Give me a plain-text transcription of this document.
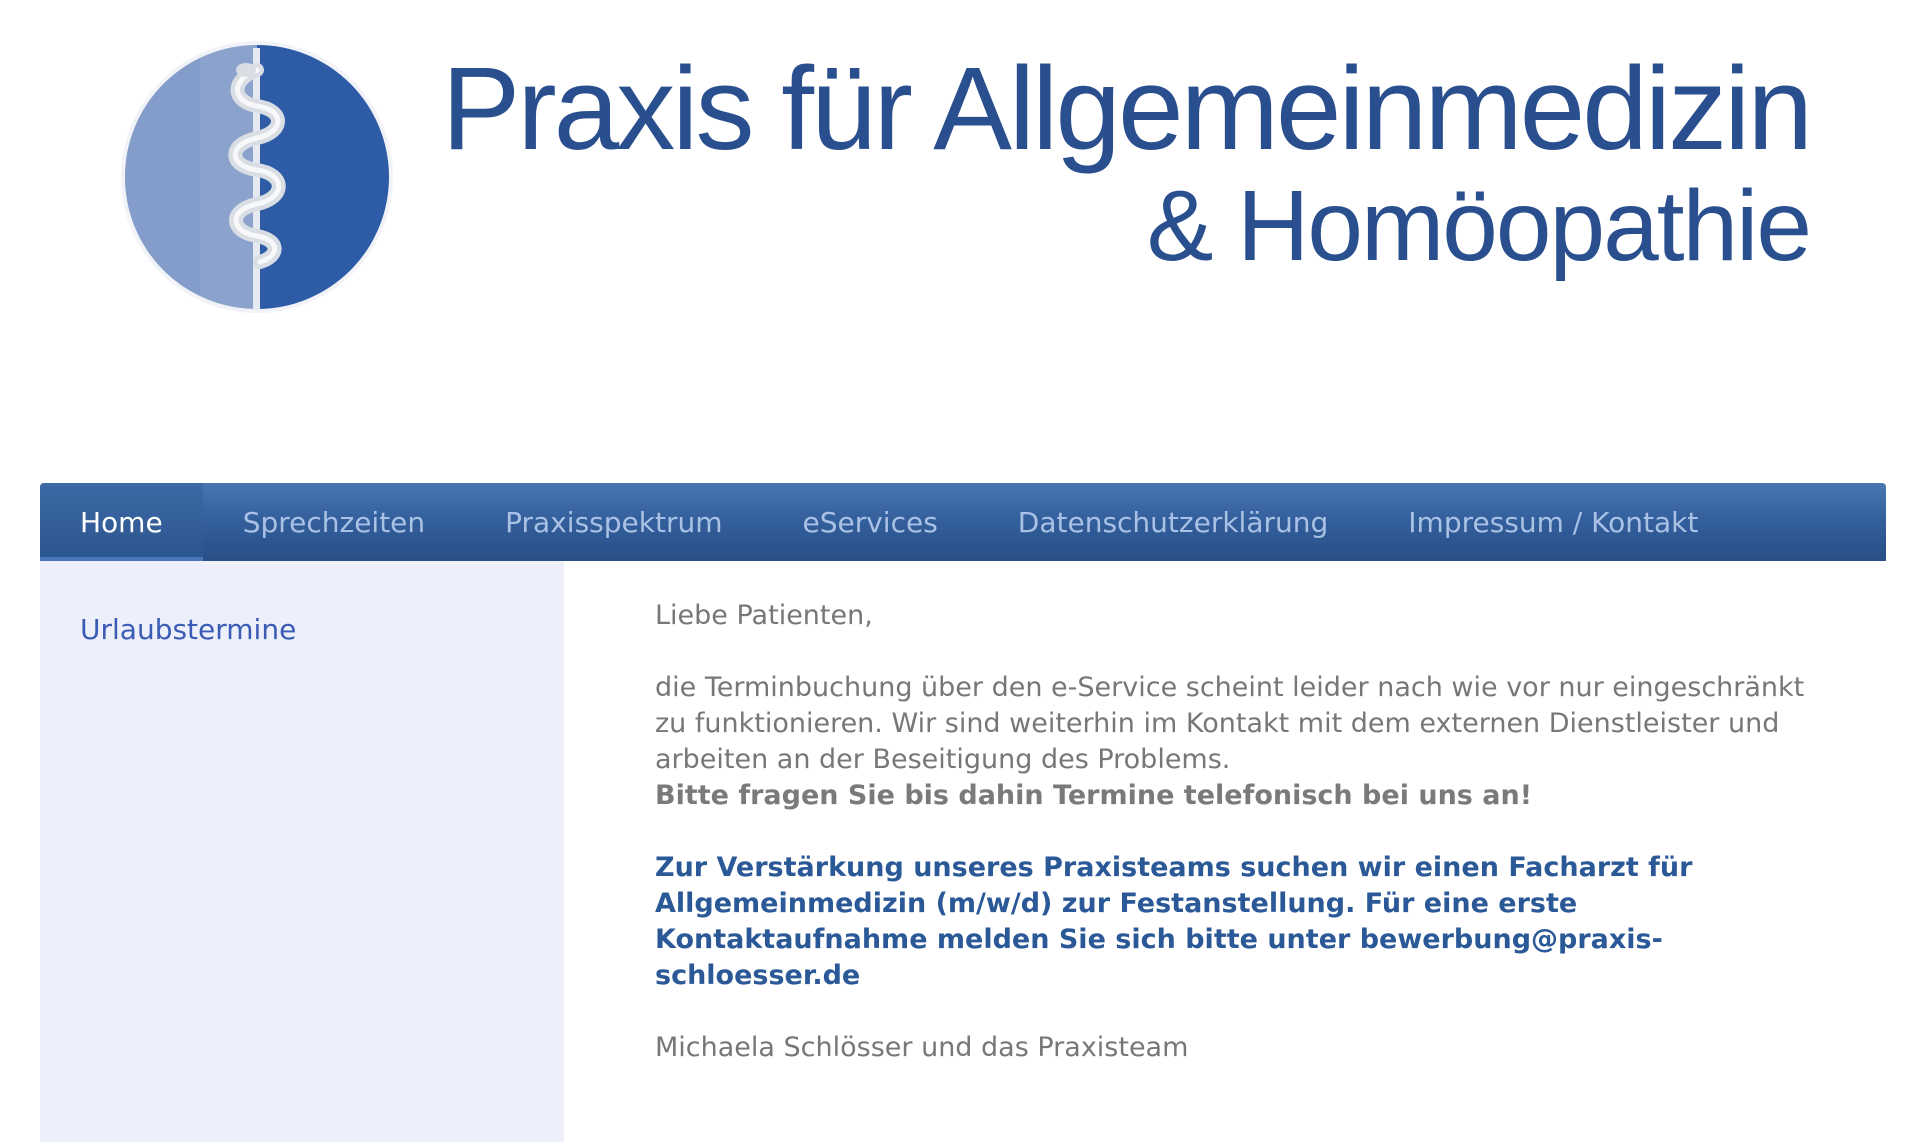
Praxis für Allgemeinmedizin
& Homöopathie
Home	Sprechzeiten	Praxisspektrum	eServices	Datenschutzerklärung	Impressum / Kontakt
Urlaubstermine	Liebe Patienten,

die Terminbuchung über den e-Service scheint leider nach wie vor nur eingeschränkt zu funktionieren. Wir sind weiterhin im Kontakt mit dem externen Dienstleister und arbeiten an der Beseitigung des Problems.

Bitte fragen Sie bis dahin Termine telefonisch bei uns an!

Zur Verstärkung unseres Praxisteams suchen wir einen Facharzt für Allgemeinmedizin (m/w/d) zur Festanstellung. Für eine erste Kontaktaufnahme melden Sie sich bitte unter bewerbung@praxis-schloesser.de

Michaela Schlösser und das Praxisteam
